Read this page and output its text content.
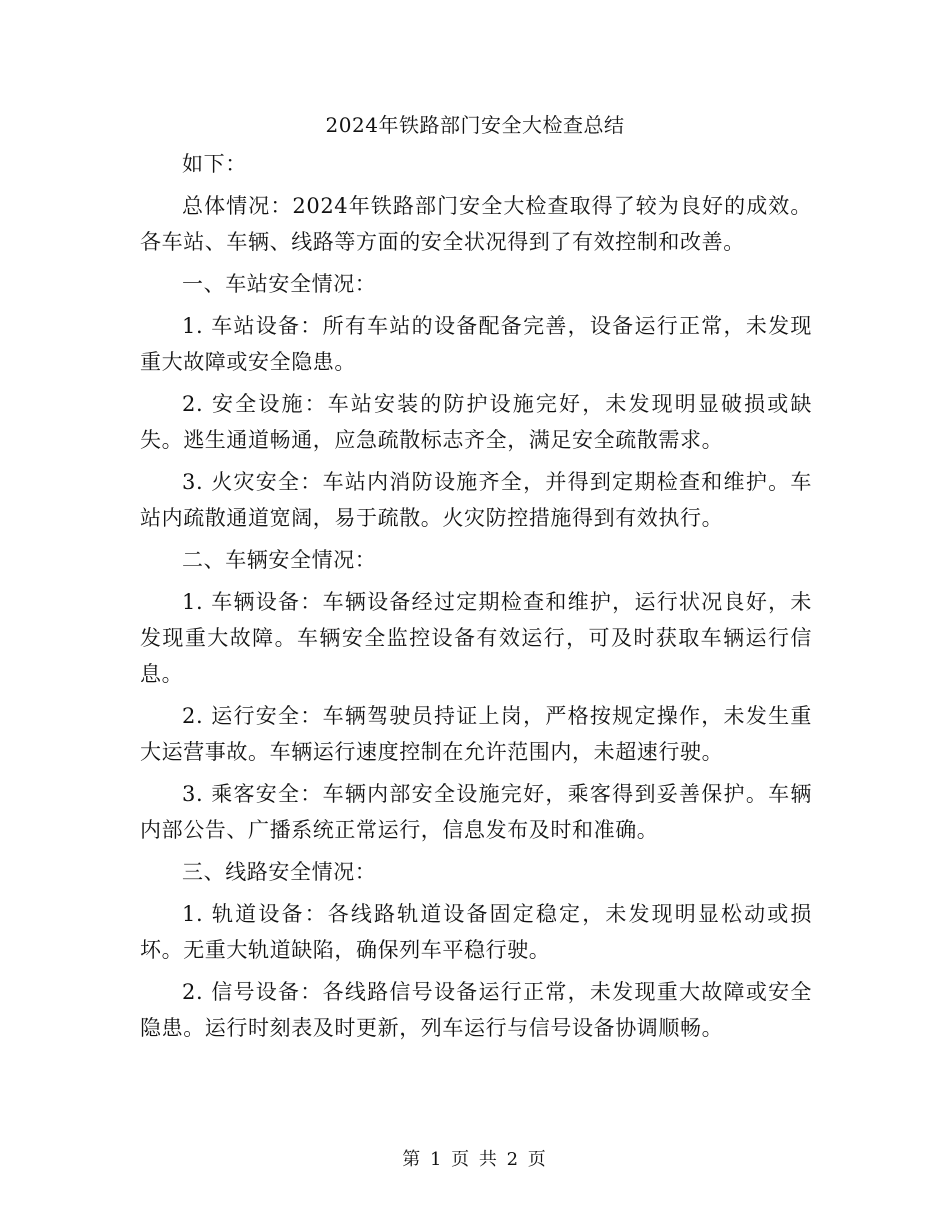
2024年铁路部门安全大检查总结

如下：

总体情况：2024年铁路部门安全大检查取得了较为良好的成效。各车站、车辆、线路等方面的安全状况得到了有效控制和改善。

一、车站安全情况：

1. 车站设备：所有车站的设备配备完善，设备运行正常，未发现重大故障或安全隐患。

2. 安全设施：车站安装的防护设施完好，未发现明显破损或缺失。逃生通道畅通，应急疏散标志齐全，满足安全疏散需求。

3. 火灾安全：车站内消防设施齐全，并得到定期检查和维护。车站内疏散通道宽阔，易于疏散。火灾防控措施得到有效执行。

二、车辆安全情况：

1. 车辆设备：车辆设备经过定期检查和维护，运行状况良好，未发现重大故障。车辆安全监控设备有效运行，可及时获取车辆运行信息。

2. 运行安全：车辆驾驶员持证上岗，严格按规定操作，未发生重大运营事故。车辆运行速度控制在允许范围内，未超速行驶。

3. 乘客安全：车辆内部安全设施完好，乘客得到妥善保护。车辆内部公告、广播系统正常运行，信息发布及时和准确。

三、线路安全情况：

1. 轨道设备：各线路轨道设备固定稳定，未发现明显松动或损坏。无重大轨道缺陷，确保列车平稳行驶。

2. 信号设备：各线路信号设备运行正常，未发现重大故障或安全隐患。运行时刻表及时更新，列车运行与信号设备协调顺畅。

第 1 页 共 2 页
